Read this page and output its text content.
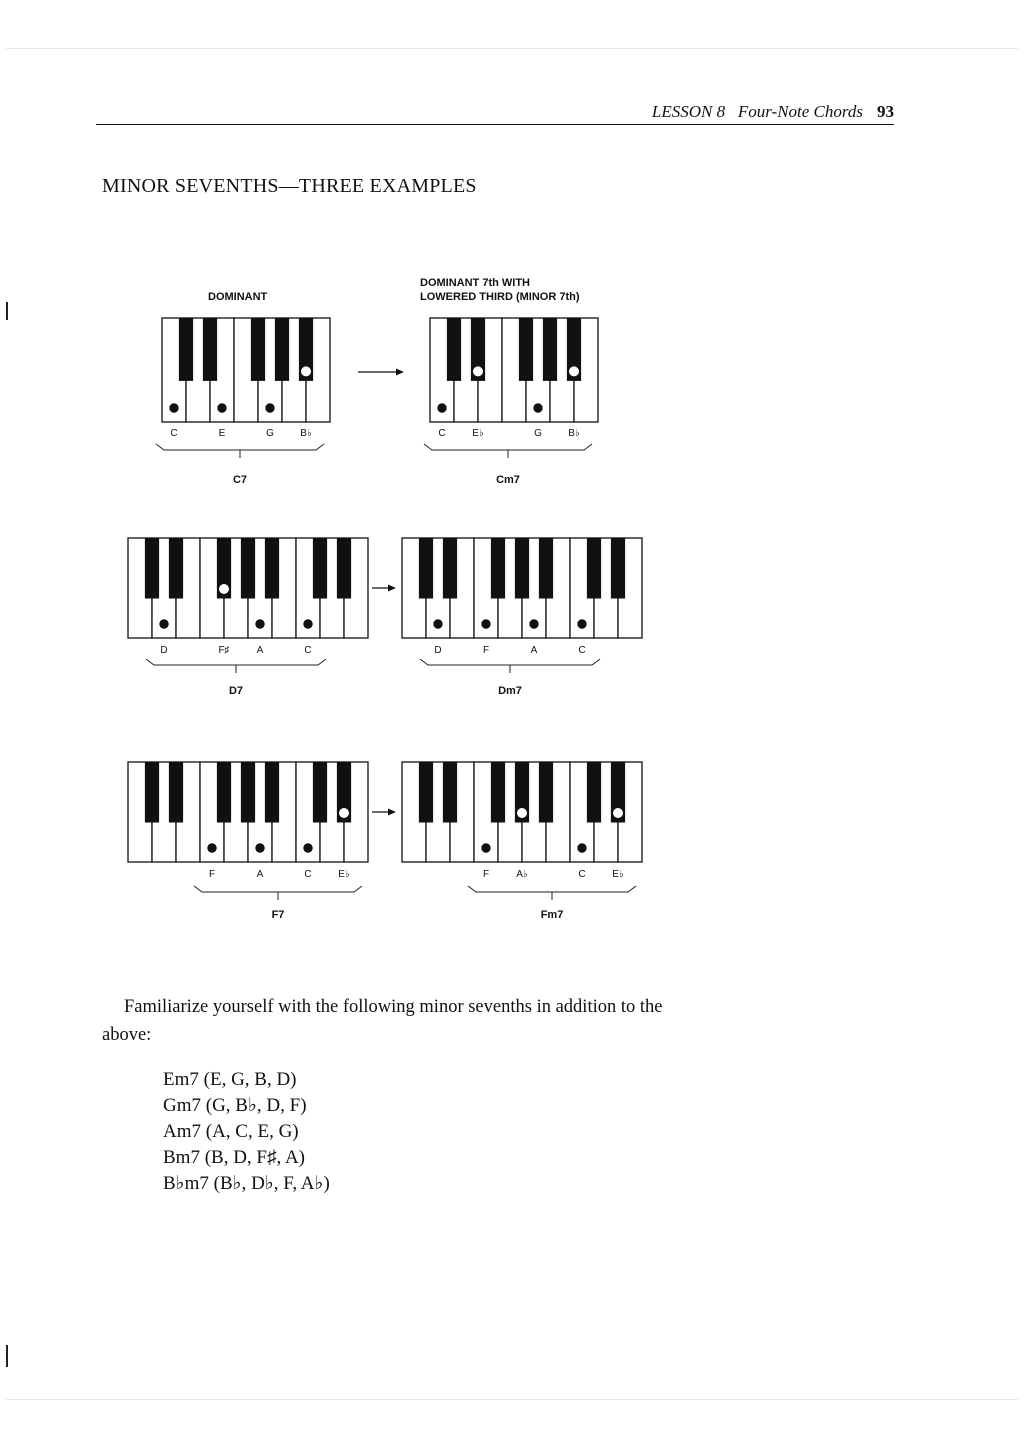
LESSON 8 Four-Note Chords 93
MINOR SEVENTHS—THREE EXAMPLES
C	E	G	B♭
C7
DOMINANT
C	E♭	G	B♭
Cm7
DOMINANT 7th WITH
LOWERED THIRD (MINOR 7th)
D	F♯	A	C
D7
D	F	A	C
Dm7
F	A	C	E♭
F7
F	A♭	C	E♭
Fm7

Familiarize yourself with the following minor sevenths in addition to the above:

Em7 (E, G, B, D)
Gm7 (G, B♭, D, F)
Am7 (A, C, E, G)
Bm7 (B, D, F♯, A)
B♭m7 (B♭, D♭, F, A♭)
